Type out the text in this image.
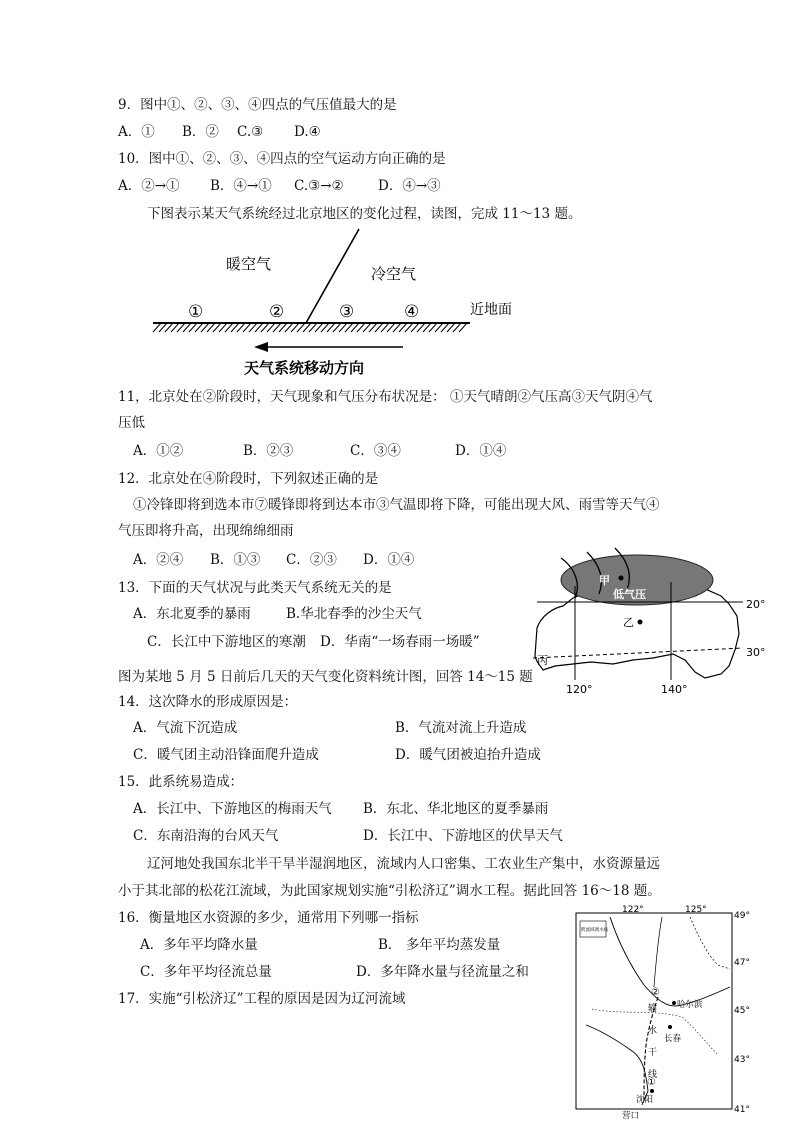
9．图中①、②、③、④四点的气压值最大的是
A．① B．② C.③ D.④
10．图中①、②、③、④四点的空气运动方向正确的是
A．②→① B．④→① C.③→②	D．④→③
下图表示某天气系统经过北京地区的变化过程，读图，完成 11～13 题。
暖空气
冷空气
①	②	③	④	近地面
天气系统移动方向
11，北京处在②阶段时，天气现象和气压分布状况是： ①天气晴朗②气压高③天气阴④气
压低
A．①②	B．②③	C．③④	D．①④
12．北京处在④阶段时，下列叙述正确的是
①冷锋即将到选本市⑦暖锋即将到达本市③气温即将下降，可能出现大风、雨雪等天气④
气压即将升高，出现绵绵细雨
A．②④ B．①③ C．②③ D．①④
13．下面的天气状况与此类天气系统无关的是
A．东北夏季的暴雨	B.华北春季的沙尘天气
C．长江中下游地区的寒潮 D．华南“一场春雨一场暖”
图为某地 5 月 5 日前后几天的天气变化资料统计图，回答 14～15 题
甲
低气压
乙
丙
20°
30°
120°	140°
14．这次降水的形成原因是：
A．气流下沉造成	B．气流对流上升造成
C．暖气团主动沿锋面爬升造成	D．暖气团被迫抬升造成
15．此系统易造成：
A．长江中、下游地区的梅雨天气 B．东北、华北地区的夏季暴雨
C．东南沿海的台风天气	D．长江中、下游地区的伏旱天气
辽河地处我国东北半干旱半湿润地区，流域内人口密集、工农业生产集中，水资源量远
小于其北部的松花江流域，为此国家规划实施“引松济辽”调水工程。据此回答 16～18 题。
16．衡量地区水资源的多少，通常用下列哪一指标
A．多年平均降水量	B． 多年平均蒸发量
C．多年平均径流总量	D．多年降水量与径流量之和
17．实施“引松济辽”工程的原因是因为辽河流域
122°	125°
49°
47°
45°
43°
41°
跨流域调水线
②
哈尔滨
长春
输
水
干
线
①
沈阳
营口
